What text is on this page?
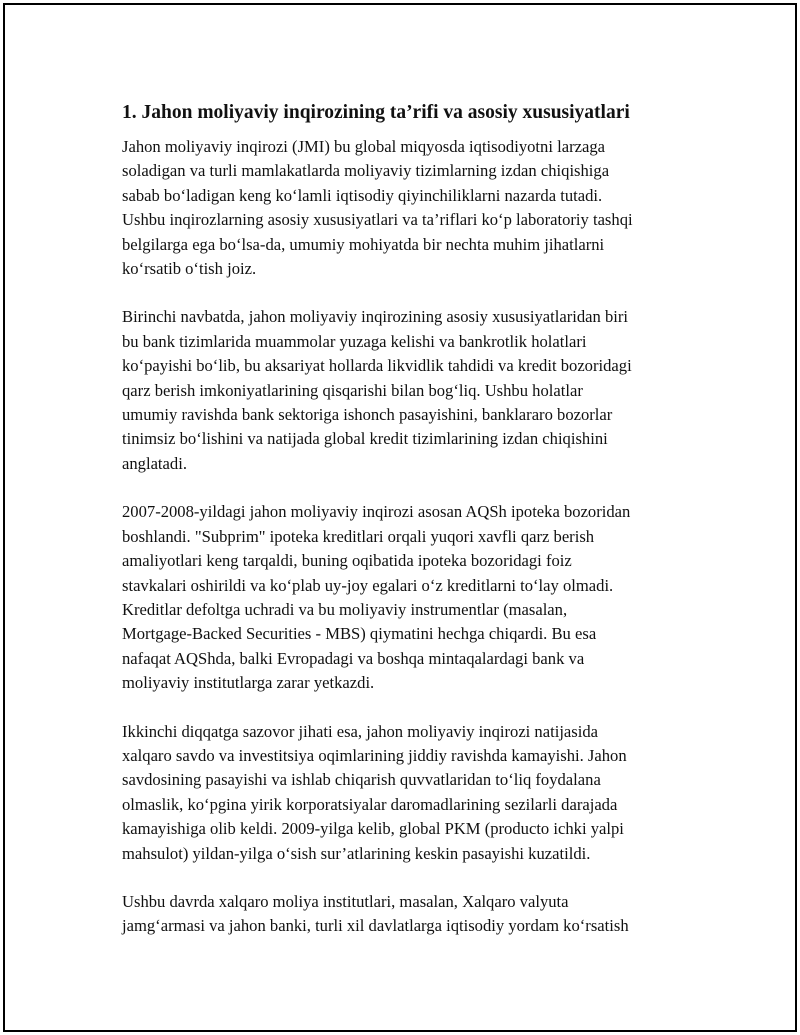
1. Jahon moliyaviy inqirozining ta’rifi va asosiy xususiyatlari

Jahon moliyaviy inqirozi (JMI) bu global miqyosda iqtisodiyotni larzaga
soladigan va turli mamlakatlarda moliyaviy tizimlarning izdan chiqishiga
sabab bo‘ladigan keng ko‘lamli iqtisodiy qiyinchiliklarni nazarda tutadi.
Ushbu inqirozlarning asosiy xususiyatlari va ta’riflari ko‘p laboratoriy tashqi
belgilarga ega bo‘lsa-da, umumiy mohiyatda bir nechta muhim jihatlarni
ko‘rsatib o‘tish joiz.

Birinchi navbatda, jahon moliyaviy inqirozining asosiy xususiyatlaridan biri
bu bank tizimlarida muammolar yuzaga kelishi va bankrotlik holatlari
ko‘payishi bo‘lib, bu aksariyat hollarda likvidlik tahdidi va kredit bozoridagi
qarz berish imkoniyatlarining qisqarishi bilan bog‘liq. Ushbu holatlar
umumiy ravishda bank sektoriga ishonch pasayishini, banklararo bozorlar
tinimsiz bo‘lishini va natijada global kredit tizimlarining izdan chiqishini
anglatadi.

2007-2008-yildagi jahon moliyaviy inqirozi asosan AQSh ipoteka bozoridan
boshlandi. "Subprim" ipoteka kreditlari orqali yuqori xavfli qarz berish
amaliyotlari keng tarqaldi, buning oqibatida ipoteka bozoridagi foiz
stavkalari oshirildi va ko‘plab uy-joy egalari o‘z kreditlarni to‘lay olmadi.
Kreditlar defoltga uchradi va bu moliyaviy instrumentlar (masalan,
Mortgage-Backed Securities - MBS) qiymatini hechga chiqardi. Bu esa
nafaqat AQShda, balki Evropadagi va boshqa mintaqalardagi bank va
moliyaviy institutlarga zarar yetkazdi.

Ikkinchi diqqatga sazovor jihati esa, jahon moliyaviy inqirozi natijasida
xalqaro savdo va investitsiya oqimlarining jiddiy ravishda kamayishi. Jahon
savdosining pasayishi va ishlab chiqarish quvvatlaridan to‘liq foydalana
olmaslik, ko‘pgina yirik korporatsiyalar daromadlarining sezilarli darajada
kamayishiga olib keldi. 2009-yilga kelib, global PKM (producto ichki yalpi
mahsulot) yildan-yilga o‘sish sur’atlarining keskin pasayishi kuzatildi.

Ushbu davrda xalqaro moliya institutlari, masalan, Xalqaro valyuta
jamg‘armasi va jahon banki, turli xil davlatlarga iqtisodiy yordam ko‘rsatish
